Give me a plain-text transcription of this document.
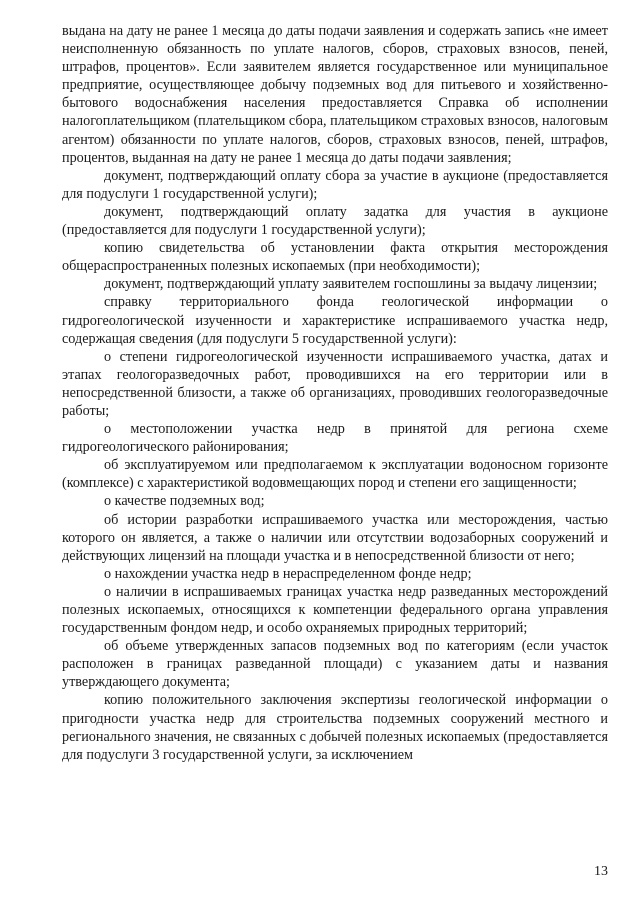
выдана на дату не ранее 1 месяца до даты подачи заявления и содержать запись «не имеет неисполненную обязанность по уплате налогов, сборов, страховых взносов, пеней, штрафов, процентов». Если заявителем является государственное или муниципальное предприятие, осуществляющее добычу подземных вод для питьевого и хозяйственно-бытового водоснабжения населения предоставляется Справка об исполнении налогоплательщиком (плательщиком сбора, плательщиком страховых взносов, налоговым агентом) обязанности по уплате налогов, сборов, страховых взносов, пеней, штрафов, процентов, выданная на дату не ранее 1 месяца до даты подачи заявления;

документ, подтверждающий оплату сбора за участие в аукционе (предоставляется для подуслуги 1 государственной услуги);

документ, подтверждающий оплату задатка для участия в аукционе (предоставляется для подуслуги 1 государственной услуги);

копию свидетельства об установлении факта открытия месторождения общераспространенных полезных ископаемых (при необходимости);

документ, подтверждающий уплату заявителем госпошлины за выдачу лицензии;

справку территориального фонда геологической информации о гидрогеологической изученности и характеристике испрашиваемого участка недр, содержащая сведения (для подуслуги 5 государственной услуги):

о степени гидрогеологической изученности испрашиваемого участка, датах и этапах геологоразведочных работ, проводившихся на его территории или в непосредственной близости, а также об организациях, проводивших геологоразведочные работы;

о местоположении участка недр в принятой для региона схеме гидрогеологического районирования;

об эксплуатируемом или предполагаемом к эксплуатации водоносном горизонте (комплексе) с характеристикой водовмещающих пород и степени его защищенности;

о качестве подземных вод;

об истории разработки испрашиваемого участка или месторождения, частью которого он является, а также о наличии или отсутствии водозаборных сооружений и действующих лицензий на площади участка и в непосредственной близости от него;

о нахождении участка недр в нераспределенном фонде недр;

о наличии в испрашиваемых границах участка недр разведанных месторождений полезных ископаемых, относящихся к компетенции федерального органа управления государственным фондом недр, и особо охраняемых природных территорий;

об объеме утвержденных запасов подземных вод по категориям (если участок расположен в границах разведанной площади) с указанием даты и названия утверждающего документа;

копию положительного заключения экспертизы геологической информации о пригодности участка недр для строительства подземных сооружений местного и регионального значения, не связанных с добычей полезных ископаемых (предоставляется для подуслуги 3 государственной услуги, за исключением

13
